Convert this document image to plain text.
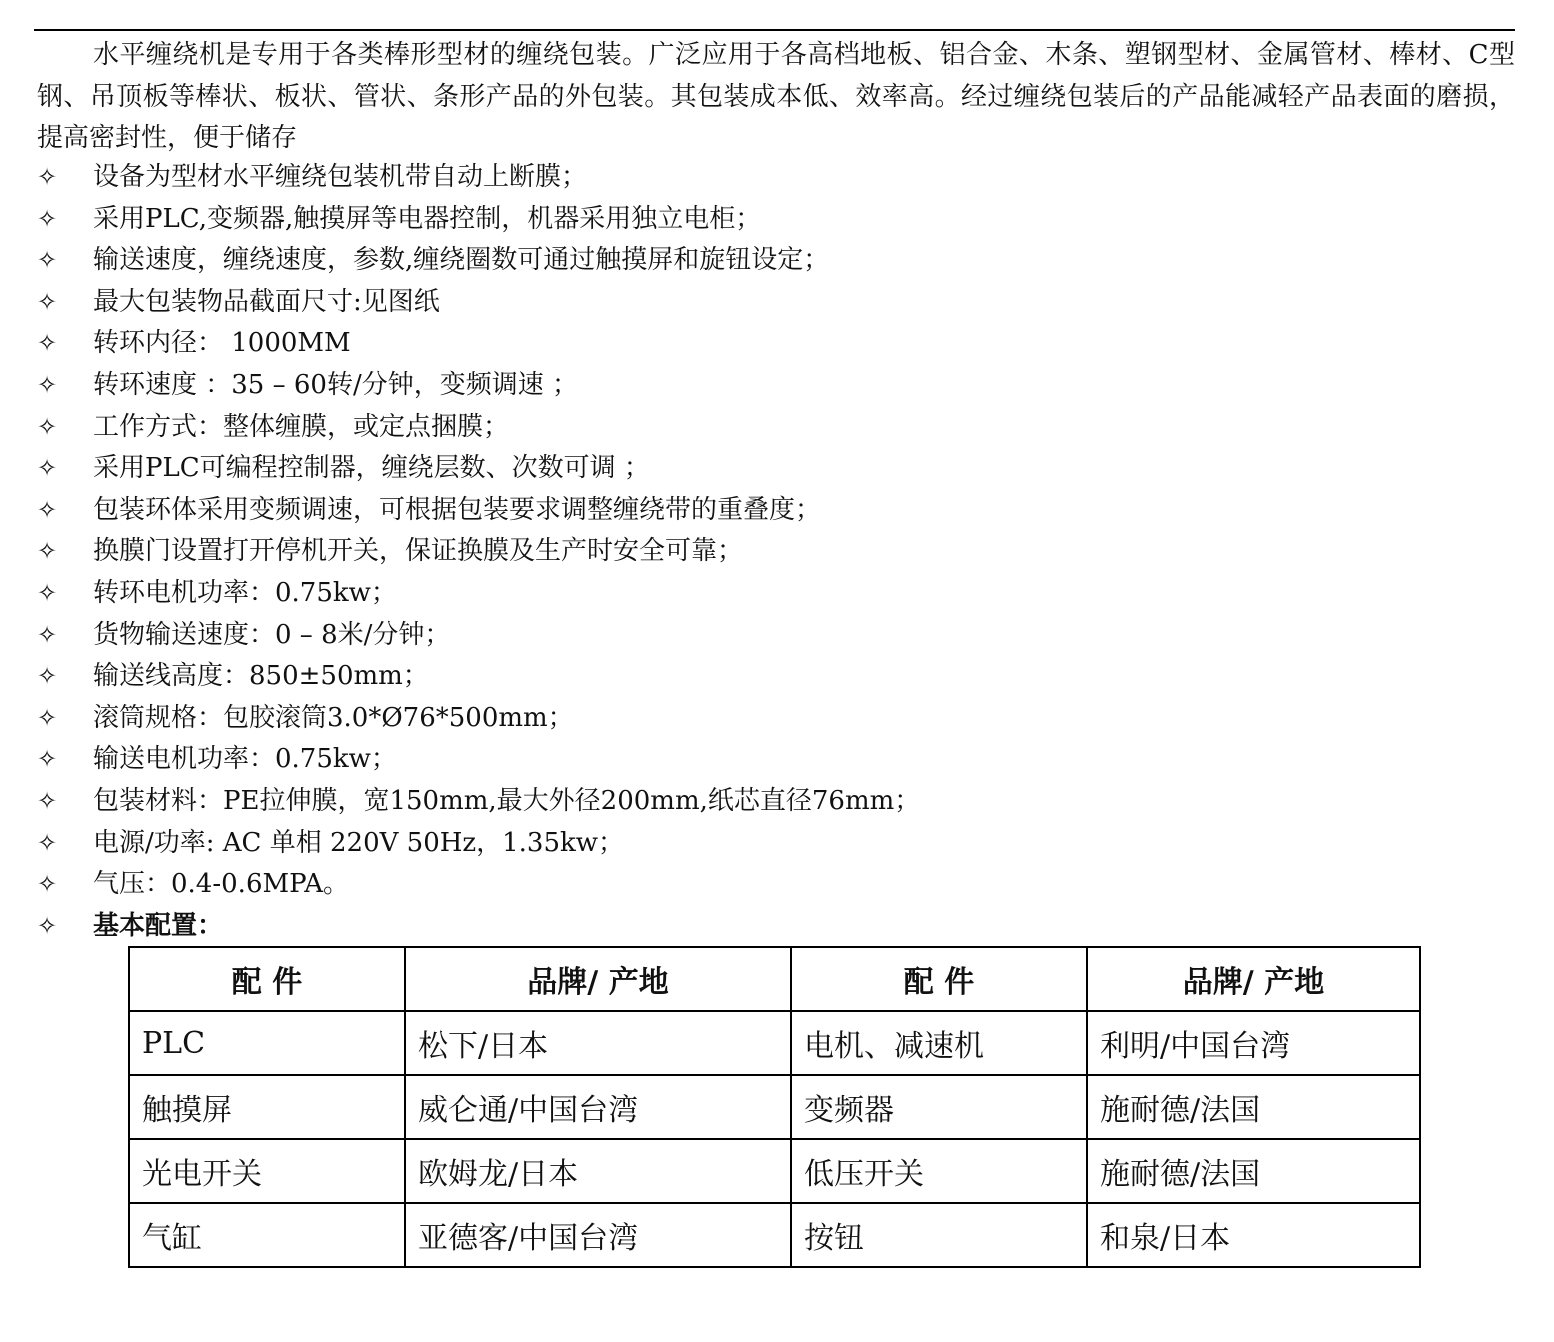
水平缠绕机是专用于各类棒形型材的缠绕包装。广泛应用于各高档地板、铝合金、木条、塑钢型材、金属管材、棒材、C型钢、吊顶板等棒状、板状、管状、条形产品的外包装。其包装成本低、效率高。经过缠绕包装后的产品能减轻产品表面的磨损，提高密封性，便于储存

✧	设备为型材水平缠绕包装机带自动上断膜；
✧	采用PLC,变频器,触摸屏等电器控制，机器采用独立电柜；
✧	输送速度，缠绕速度，参数,缠绕圈数可通过触摸屏和旋钮设定；
✧	最大包装物品截面尺寸:见图纸
✧	转环内径： 1000MM
✧	转环速度 ：35 – 60转/分钟，变频调速 ；
✧	工作方式：整体缠膜，或定点捆膜；
✧	采用PLC可编程控制器，缠绕层数、次数可调 ；
✧	包装环体采用变频调速，可根据包装要求调整缠绕带的重叠度；
✧	换膜门设置打开停机开关，保证换膜及生产时安全可靠；
✧	转环电机功率：0.75kw；
✧	货物输送速度：0 – 8米/分钟；
✧	输送线高度：850±50mm；
✧	滚筒规格：包胶滚筒3.0*Ø76*500mm；
✧	输送电机功率：0.75kw；
✧	包装材料：PE拉伸膜，宽150mm,最大外径200mm,纸芯直径76mm；
✧	电源/功率: AC 单相 220V 50Hz，1.35kw；
✧	气压：0.4-0.6MPA。
✧	基本配置：
配 件	品牌/ 产地	配 件	品牌/ 产地
PLC	松下/日本	电机、减速机	利明/中国台湾
触摸屏	威仑通/中国台湾	变频器	施耐德/法国
光电开关	欧姆龙/日本	低压开关	施耐德/法国
气缸	亚德客/中国台湾	按钮	和泉/日本
